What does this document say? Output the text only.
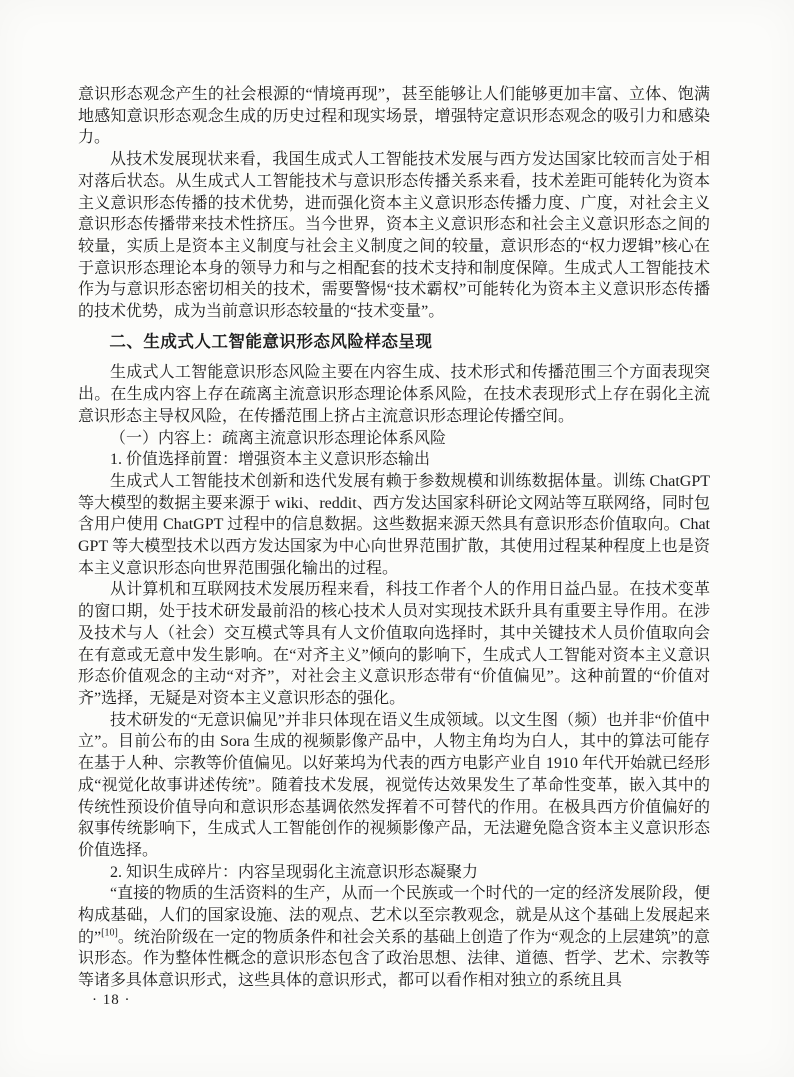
意识形态观念产生的社会根源的“情境再现”，甚至能够让人们能够更加丰富、立体、饱满地感知意识形态观念生成的历史过程和现实场景，增强特定意识形态观念的吸引力和感染力。

从技术发展现状来看，我国生成式人工智能技术发展与西方发达国家比较而言处于相对落后状态。从生成式人工智能技术与意识形态传播关系来看，技术差距可能转化为资本主义意识形态传播的技术优势，进而强化资本主义意识形态传播力度、广度，对社会主义意识形态传播带来技术性挤压。当今世界，资本主义意识形态和社会主义意识形态之间的较量，实质上是资本主义制度与社会主义制度之间的较量，意识形态的“权力逻辑”核心在于意识形态理论本身的领导力和与之相配套的技术支持和制度保障。生成式人工智能技术作为与意识形态密切相关的技术，需要警惕“技术霸权”可能转化为资本主义意识形态传播的技术优势，成为当前意识形态较量的“技术变量”。

二、生成式人工智能意识形态风险样态呈现

生成式人工智能意识形态风险主要在内容生成、技术形式和传播范围三个方面表现突出。在生成内容上存在疏离主流意识形态理论体系风险，在技术表现形式上存在弱化主流意识形态主导权风险，在传播范围上挤占主流意识形态理论传播空间。

（一）内容上：疏离主流意识形态理论体系风险

1. 价值选择前置：增强资本主义意识形态输出

生成式人工智能技术创新和迭代发展有赖于参数规模和训练数据体量。训练 ChatGPT 等大模型的数据主要来源于 wiki、reddit、西方发达国家科研论文网站等互联网络，同时包含用户使用 ChatGPT 过程中的信息数据。这些数据来源天然具有意识形态价值取向。ChatGPT 等大模型技术以西方发达国家为中心向世界范围扩散，其使用过程某种程度上也是资本主义意识形态向世界范围强化输出的过程。

从计算机和互联网技术发展历程来看，科技工作者个人的作用日益凸显。在技术变革的窗口期，处于技术研发最前沿的核心技术人员对实现技术跃升具有重要主导作用。在涉及技术与人（社会）交互模式等具有人文价值取向选择时，其中关键技术人员价值取向会在有意或无意中发生影响。在“对齐主义”倾向的影响下，生成式人工智能对资本主义意识形态价值观念的主动“对齐”，对社会主义意识形态带有“价值偏见”。这种前置的“价值对齐”选择，无疑是对资本主义意识形态的强化。

技术研发的“无意识偏见”并非只体现在语义生成领域。以文生图（频）也并非“价值中立”。目前公布的由 Sora 生成的视频影像产品中，人物主角均为白人，其中的算法可能存在基于人种、宗教等价值偏见。以好莱坞为代表的西方电影产业自 1910 年代开始就已经形成“视觉化故事讲述传统”。随着技术发展，视觉传达效果发生了革命性变革，嵌入其中的传统性预设价值导向和意识形态基调依然发挥着不可替代的作用。在极具西方价值偏好的叙事传统影响下，生成式人工智能创作的视频影像产品，无法避免隐含资本主义意识形态价值选择。

2. 知识生成碎片：内容呈现弱化主流意识形态凝聚力

“直接的物质的生活资料的生产，从而一个民族或一个时代的一定的经济发展阶段，便构成基础，人们的国家设施、法的观点、艺术以至宗教观念，就是从这个基础上发展起来的”[10]。统治阶级在一定的物质条件和社会关系的基础上创造了作为“观念的上层建筑”的意识形态。作为整体性概念的意识形态包含了政治思想、法律、道德、哲学、艺术、宗教等等诸多具体意识形式，这些具体的意识形式，都可以看作相对独立的系统且具

· 18 ·
